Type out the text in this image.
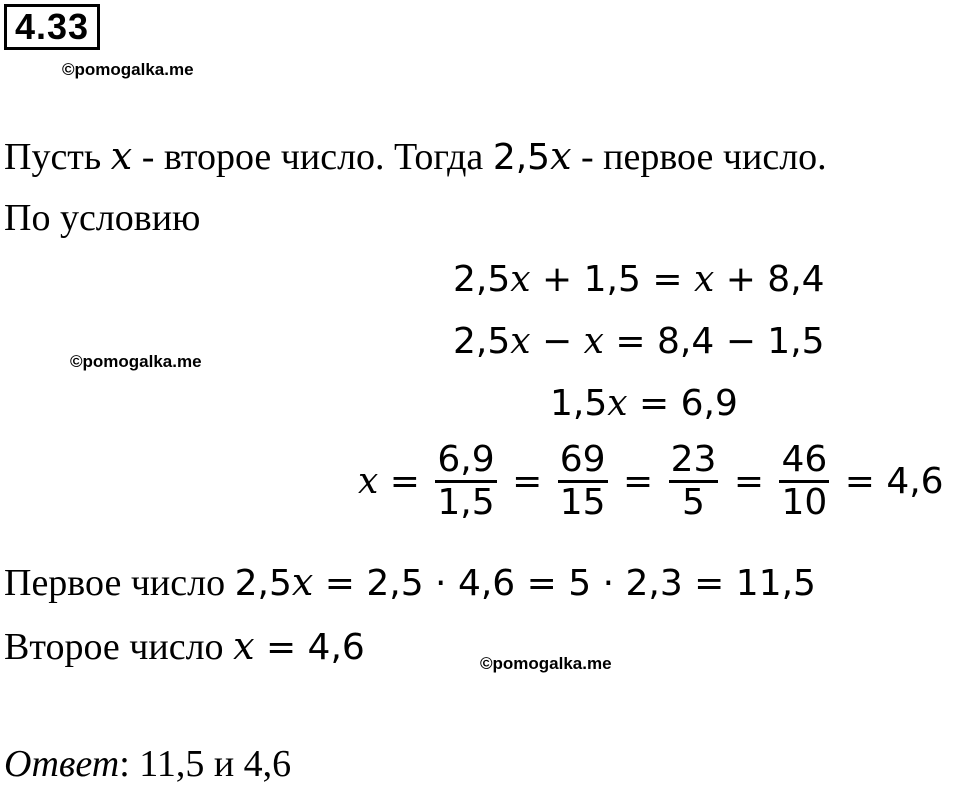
4.33
©pomogalka.me
Пусть x - второе число. Тогда 2,5x - первое число.
По условию
2,5x + 1,5 = x + 8,4
©pomogalka.me	2,5x − x = 8,4 − 1,5
1,5x = 6,9
$x = \frac{6,9}{1,5} = \frac{69}{15} = \frac{23}{5} = \frac{46}{10} = 4,6$
Первое число 2,5x = 2,5 · 4,6 = 5 · 2,3 = 11,5
Второе число x = 4,6	©pomogalka.me
Ответ: 11,5 и 4,6
